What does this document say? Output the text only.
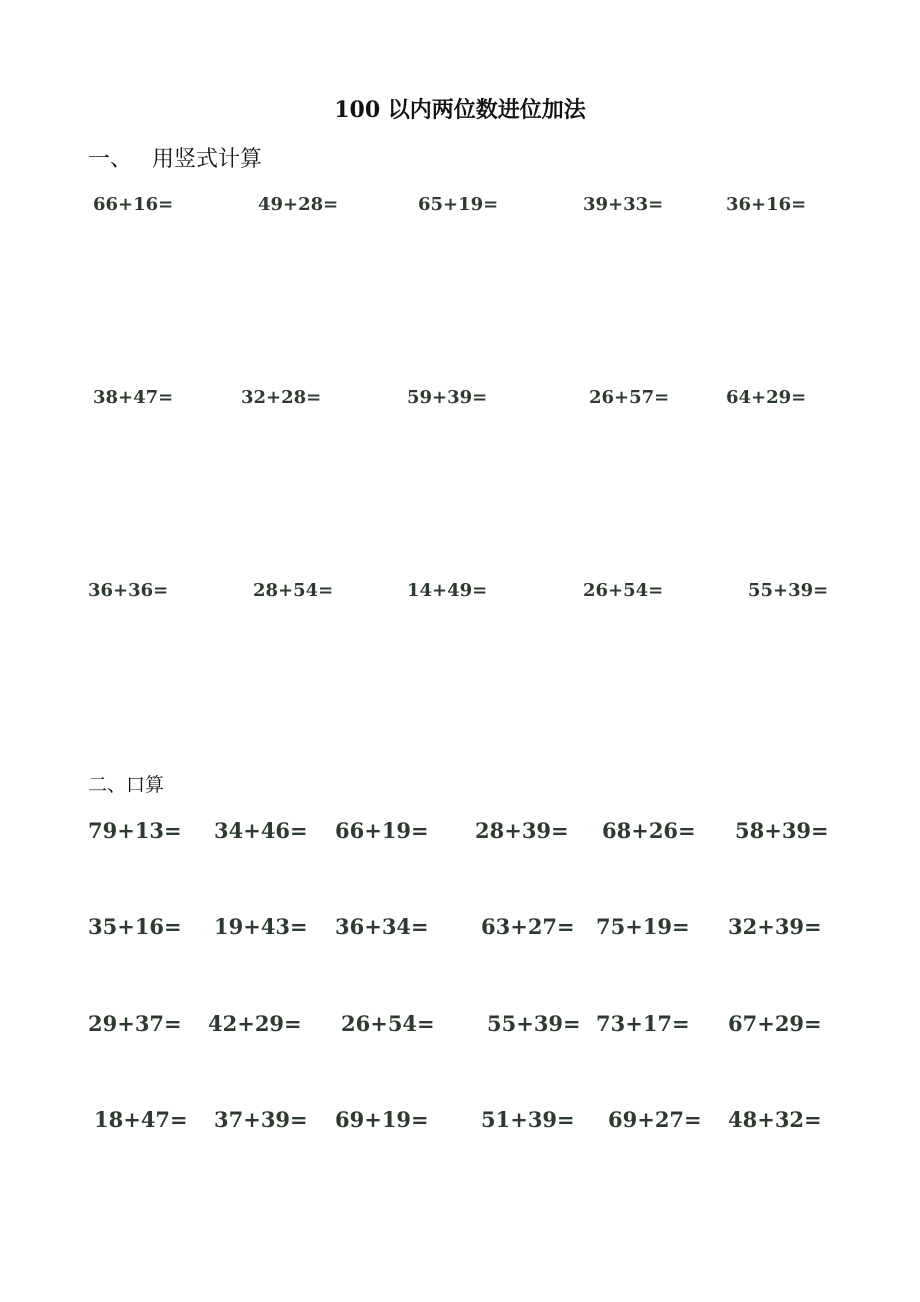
100 以内两位数进位加法
一、 用竖式计算
66+16=	49+28=	65+19=	39+33=	36+16=
38+47=	32+28=	59+39=	26+57=	64+29=
36+36=	28+54=	14+49=	26+54=	55+39=
二、口算
79+13= 34+46= 66+19= 28+39= 68+26= 58+39=
35+16= 19+43= 36+34= 63+27= 75+19= 32+39=
29+37= 42+29= 26+54= 55+39= 73+17= 67+29=
18+47= 37+39= 69+19= 51+39= 69+27= 48+32=
